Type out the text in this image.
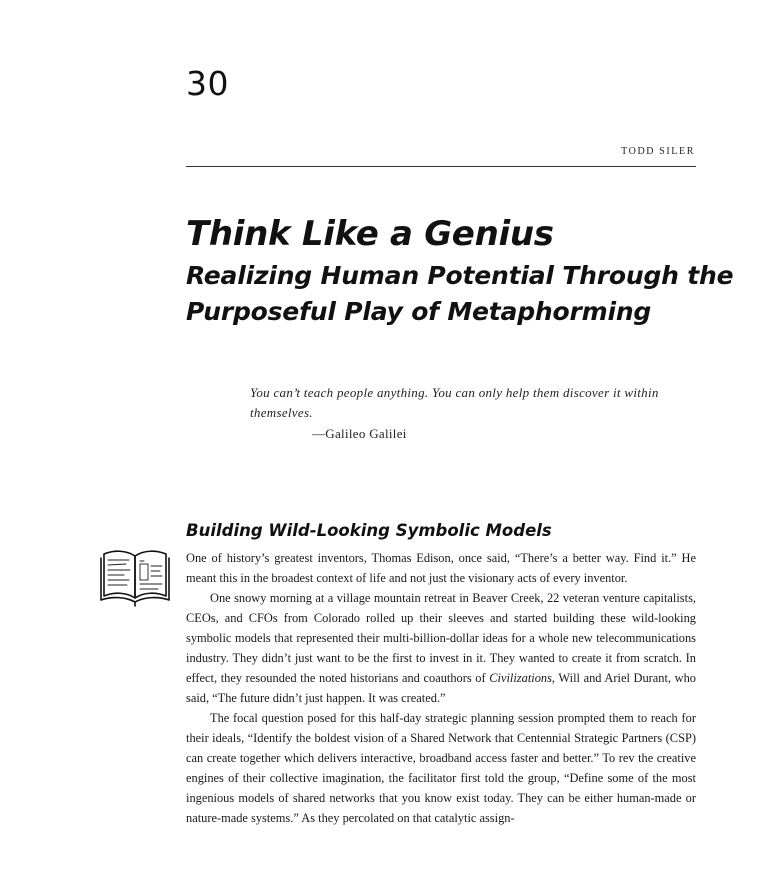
30
TODD SILER
Think Like a Genius
Realizing Human Potential Through the
Purposeful Play of Metaphorming
You can’t teach people anything. You can only help them discover it within themselves.
—Galileo Galilei
Building Wild-Looking Symbolic Models

One of history’s greatest inventors, Thomas Edison, once said, “There’s a better way. Find it.” He meant this in the broadest context of life and not just the visionary acts of every inventor.

One snowy morning at a village mountain retreat in Beaver Creek, 22 veteran venture capitalists, CEOs, and CFOs from Colorado rolled up their sleeves and started building these wild-looking symbolic models that represented their multi-billion-dollar ideas for a whole new telecommunications industry. They didn’t just want to be the first to invest in it. They wanted to create it from scratch. In effect, they resounded the noted historians and coauthors of Civilizations, Will and Ariel Durant, who said, “The future didn’t just happen. It was created.”

The focal question posed for this half-day strategic planning session prompted them to reach for their ideals, “Identify the boldest vision of a Shared Network that Centennial Strategic Partners (CSP) can create together which delivers interactive, broadband access faster and better.” To rev the creative engines of their collective imagination, the facilitator first told the group, “Define some of the most ingenious models of shared networks that you know exist today. They can be either human-made or nature-made systems.” As they percolated on that catalytic assign-
